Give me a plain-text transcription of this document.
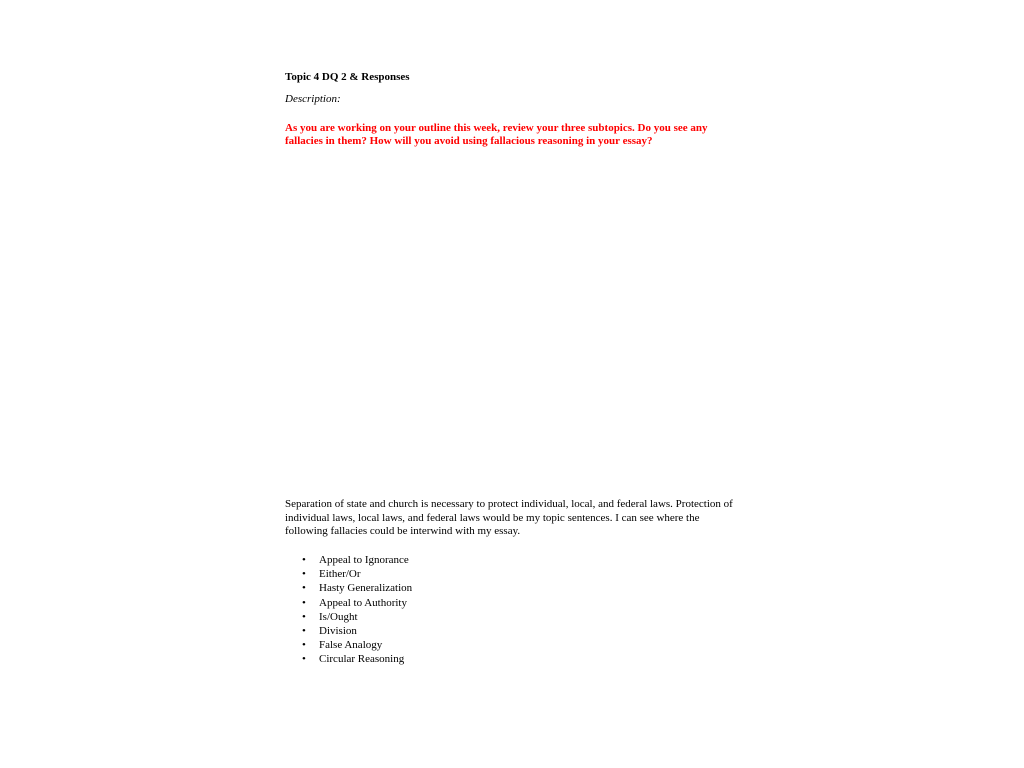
Topic 4 DQ 2 & Responses
Description:
As you are working on your outline this week, review your three subtopics. Do you see any fallacies in them? How will you avoid using fallacious reasoning in your essay?
Separation of state and church is necessary to protect individual, local, and federal laws. Protection of individual laws, local laws, and federal laws would be my topic sentences. I can see where the following fallacies could be interwind with my essay.
• Appeal to Ignorance
• Either/Or
• Hasty Generalization
• Appeal to Authority
• Is/Ought
• Division
• False Analogy
• Circular Reasoning
